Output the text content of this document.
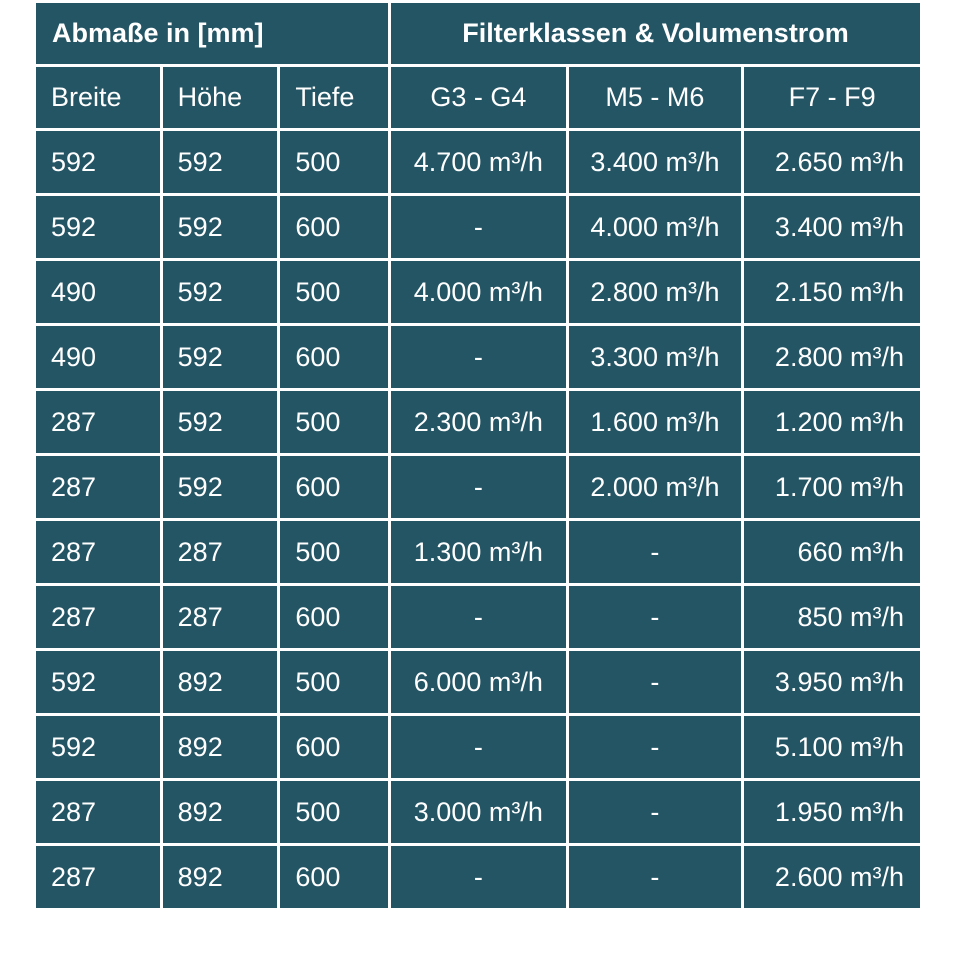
Abmaße in [mm]			Filterklassen & Volumenstrom		
Breite	Höhe	Tiefe	G3 - G4	M5 - M6	F7 - F9
592	592	500	4.700 m³/h	3.400 m³/h	2.650 m³/h
592	592	600	-	4.000 m³/h	3.400 m³/h
490	592	500	4.000 m³/h	2.800 m³/h	2.150 m³/h
490	592	600	-	3.300 m³/h	2.800 m³/h
287	592	500	2.300 m³/h	1.600 m³/h	1.200 m³/h
287	592	600	-	2.000 m³/h	1.700 m³/h
287	287	500	1.300 m³/h	-	660 m³/h
287	287	600	-	-	850 m³/h
592	892	500	6.000 m³/h	-	3.950 m³/h
592	892	600	-	-	5.100 m³/h
287	892	500	3.000 m³/h	-	1.950 m³/h
287	892	600	-	-	2.600 m³/h
